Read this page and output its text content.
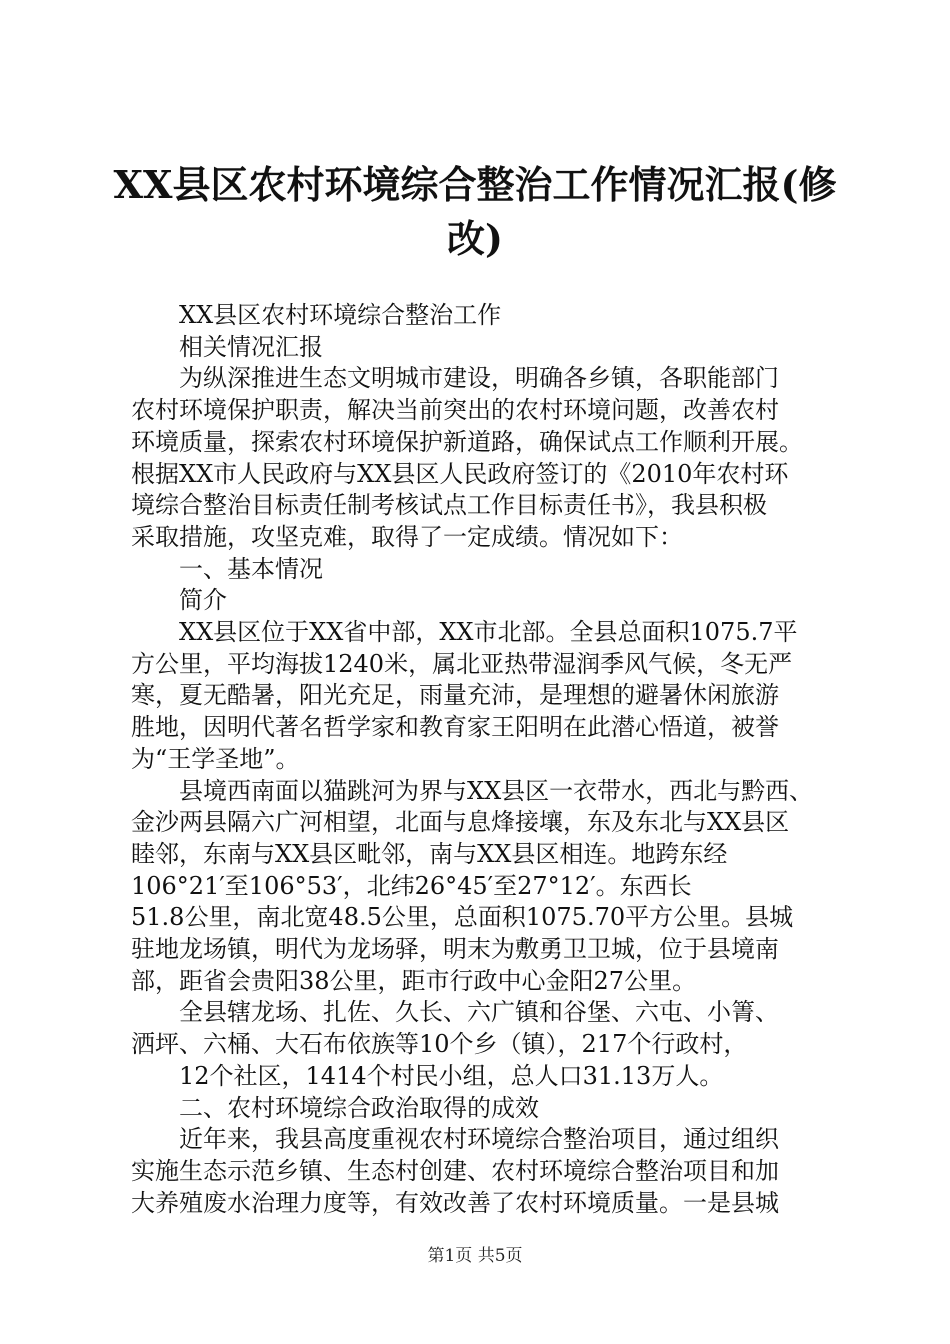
XX县区农村环境综合整治工作情况汇报(修
改)
XX县区农村环境综合整治工作
相关情况汇报
为纵深推进生态文明城市建设，明确各乡镇，各职能部门
农村环境保护职责，解决当前突出的农村环境问题，改善农村
环境质量，探索农村环境保护新道路，确保试点工作顺利开展。
根据XX市人民政府与XX县区人民政府签订的《2010年农村环
境综合整治目标责任制考核试点工作目标责任书》，我县积极
采取措施，攻坚克难，取得了一定成绩。情况如下：
一、基本情况
简介
XX县区位于XX省中部，XX市北部。全县总面积1075.7平
方公里，平均海拔1240米，属北亚热带湿润季风气候，冬无严
寒，夏无酷暑，阳光充足，雨量充沛，是理想的避暑休闲旅游
胜地，因明代著名哲学家和教育家王阳明在此潜心悟道，被誉
为“王学圣地”。
县境西南面以猫跳河为界与XX县区一衣带水，西北与黔西、
金沙两县隔六广河相望，北面与息烽接壤，东及东北与XX县区
睦邻，东南与XX县区毗邻，南与XX县区相连。地跨东经
106°21′至106°53′，北纬26°45′至27°12′。东西长
51.8公里，南北宽48.5公里，总面积1075.70平方公里。县城
驻地龙场镇，明代为龙场驿，明末为敷勇卫卫城，位于县境南
部，距省会贵阳38公里，距市行政中心金阳27公里。
全县辖龙场、扎佐、久长、六广镇和谷堡、六屯、小箐、
洒坪、六桶、大石布依族等10个乡（镇），217个行政村，
12个社区，1414个村民小组，总人口31.13万人。
二、农村环境综合政治取得的成效
近年来，我县高度重视农村环境综合整治项目，通过组织
实施生态示范乡镇、生态村创建、农村环境综合整治项目和加
大养殖废水治理力度等，有效改善了农村环境质量。一是县城
第1页 共5页
